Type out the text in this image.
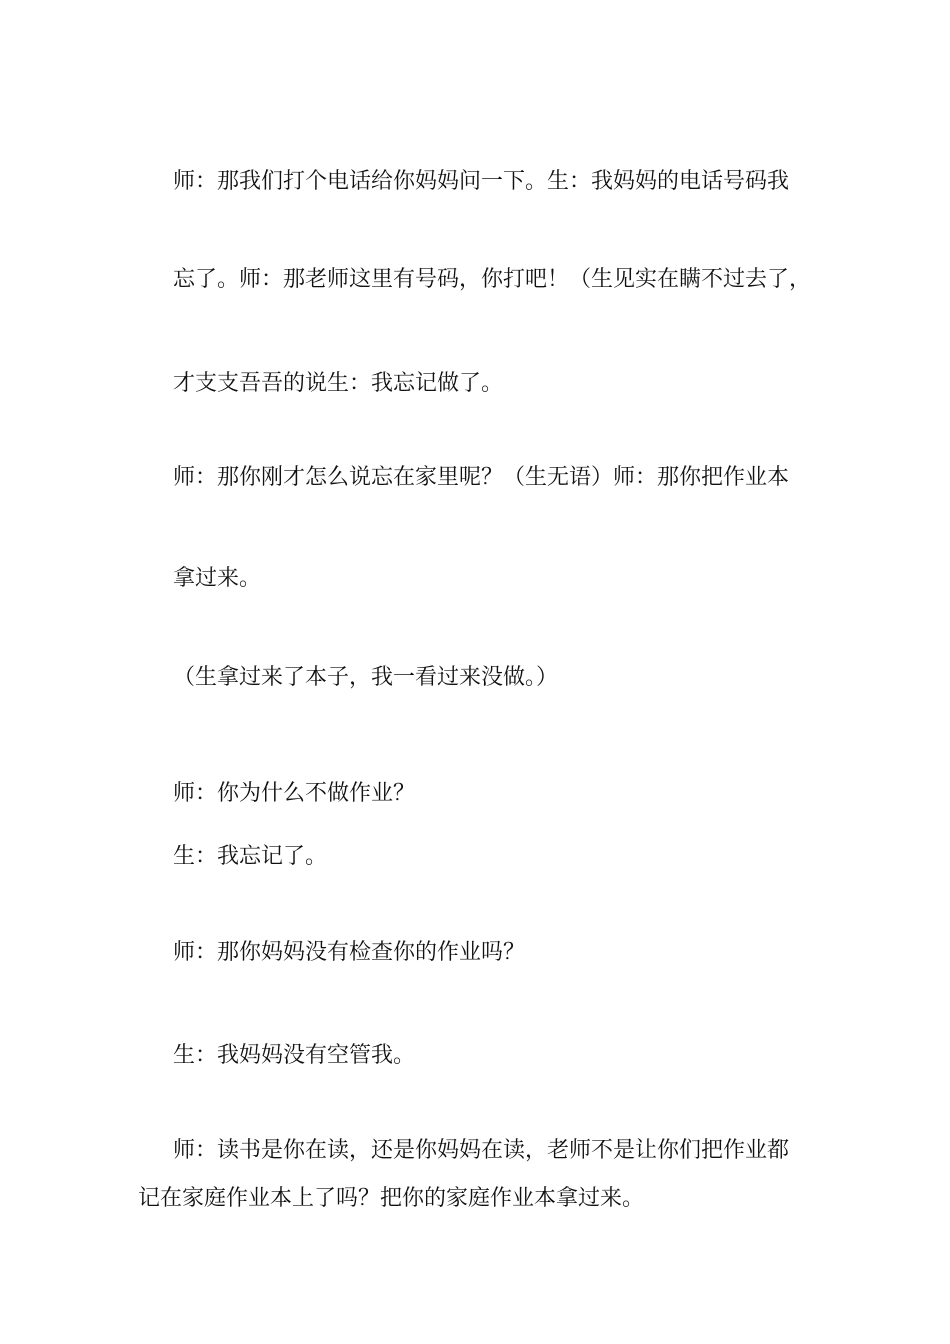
师：那我们打个电话给你妈妈问一下。生：我妈妈的电话号码我
忘了。师：那老师这里有号码，你打吧！（生见实在瞒不过去了，
才支支吾吾的说生：我忘记做了。
师：那你刚才怎么说忘在家里呢？（生无语）师：那你把作业本
拿过来。
（生拿过来了本子，我一看过来没做。）
师：你为什么不做作业？
生：我忘记了。
师：那你妈妈没有检查你的作业吗？
生：我妈妈没有空管我。
师：读书是你在读，还是你妈妈在读，老师不是让你们把作业都
记在家庭作业本上了吗？把你的家庭作业本拿过来。
